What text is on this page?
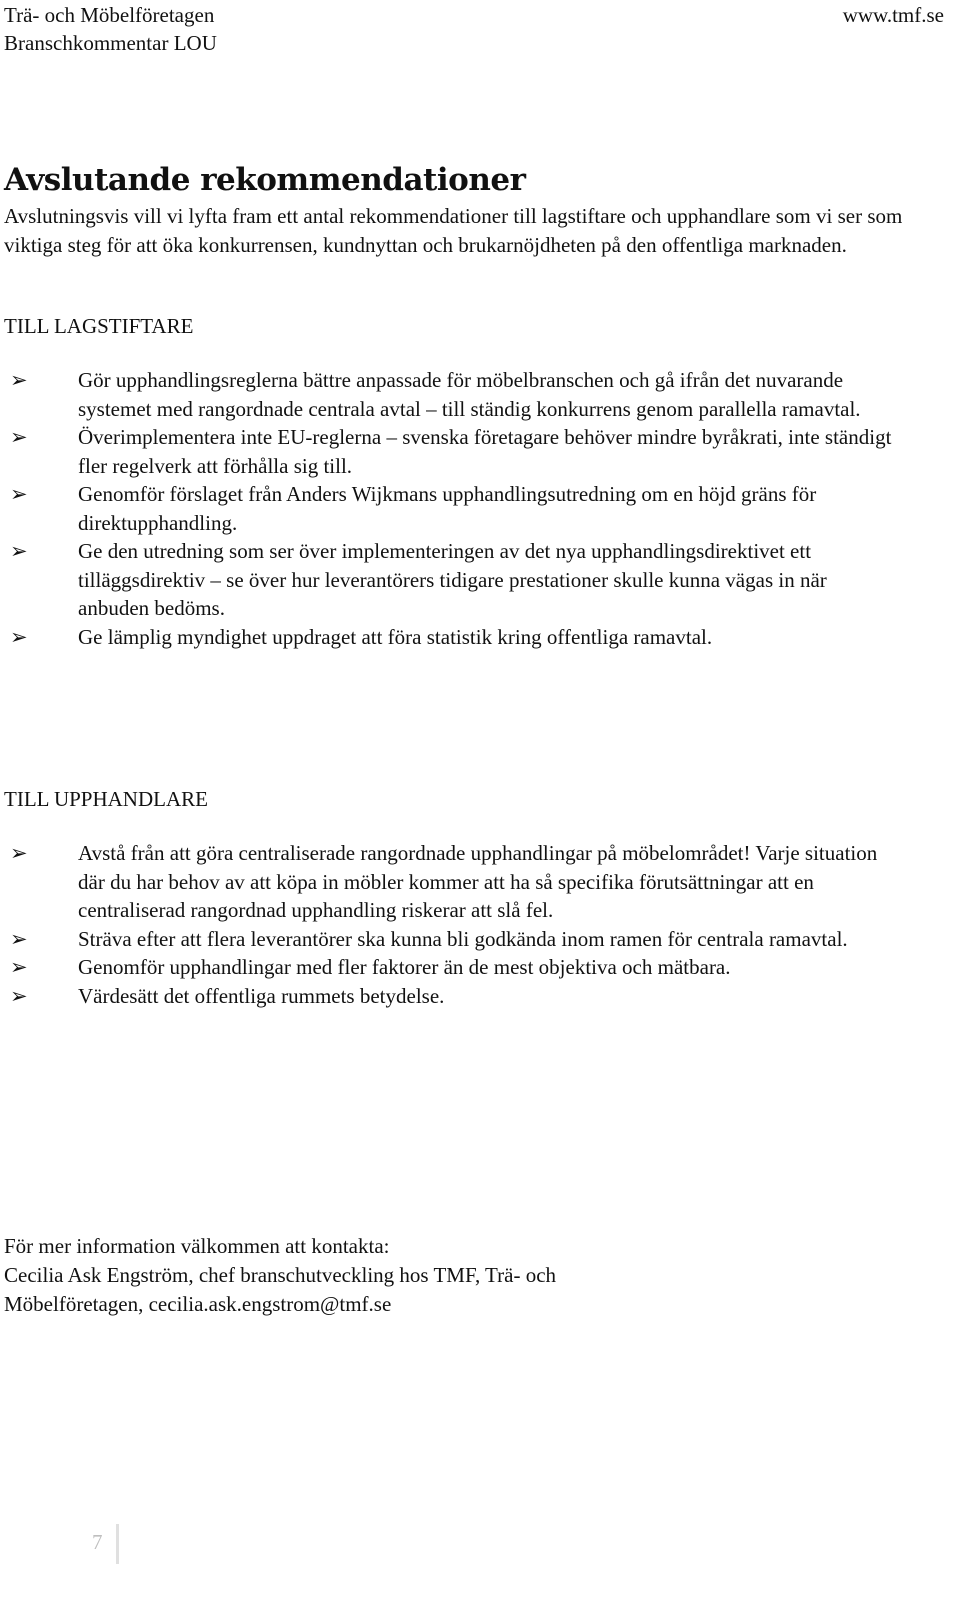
Trä- och Möbelföretagen
Branschkommentar LOU
www.tmf.se
Avslutande rekommendationer

Avslutningsvis vill vi lyfta fram ett antal rekommendationer till lagstiftare och upphandlare som vi ser som viktiga steg för att öka konkurrensen, kundnyttan och brukarnöjdheten på den offentliga marknaden.

TILL LAGSTIFTARE

➢ Gör upphandlingsreglerna bättre anpassade för möbelbranschen och gå ifrån det nuvarande systemet med rangordnade centrala avtal – till ständig konkurrens genom parallella ramavtal.
➢ Överimplementera inte EU-reglerna – svenska företagare behöver mindre byråkrati, inte ständigt fler regelverk att förhålla sig till.
➢ Genomför förslaget från Anders Wijkmans upphandlingsutredning om en höjd gräns för direktupphandling.
➢ Ge den utredning som ser över implementeringen av det nya upphandlingsdirektivet ett tilläggsdirektiv – se över hur leverantörers tidigare prestationer skulle kunna vägas in när anbuden bedöms.
➢ Ge lämplig myndighet uppdraget att föra statistik kring offentliga ramavtal.

TILL UPPHANDLARE

➢ Avstå från att göra centraliserade rangordnade upphandlingar på möbelområdet! Varje situation där du har behov av att köpa in möbler kommer att ha så specifika förutsättningar att en centraliserad rangordnad upphandling riskerar att slå fel.
➢ Sträva efter att flera leverantörer ska kunna bli godkända inom ramen för centrala ramavtal.
➢ Genomför upphandlingar med fler faktorer än de mest objektiva och mätbara.
➢ Värdesätt det offentliga rummets betydelse.
För mer information välkommen att kontakta:
Cecilia Ask Engström, chef branschutveckling hos TMF, Trä- och
Möbelföretagen, cecilia.ask.engstrom@tmf.se
7
